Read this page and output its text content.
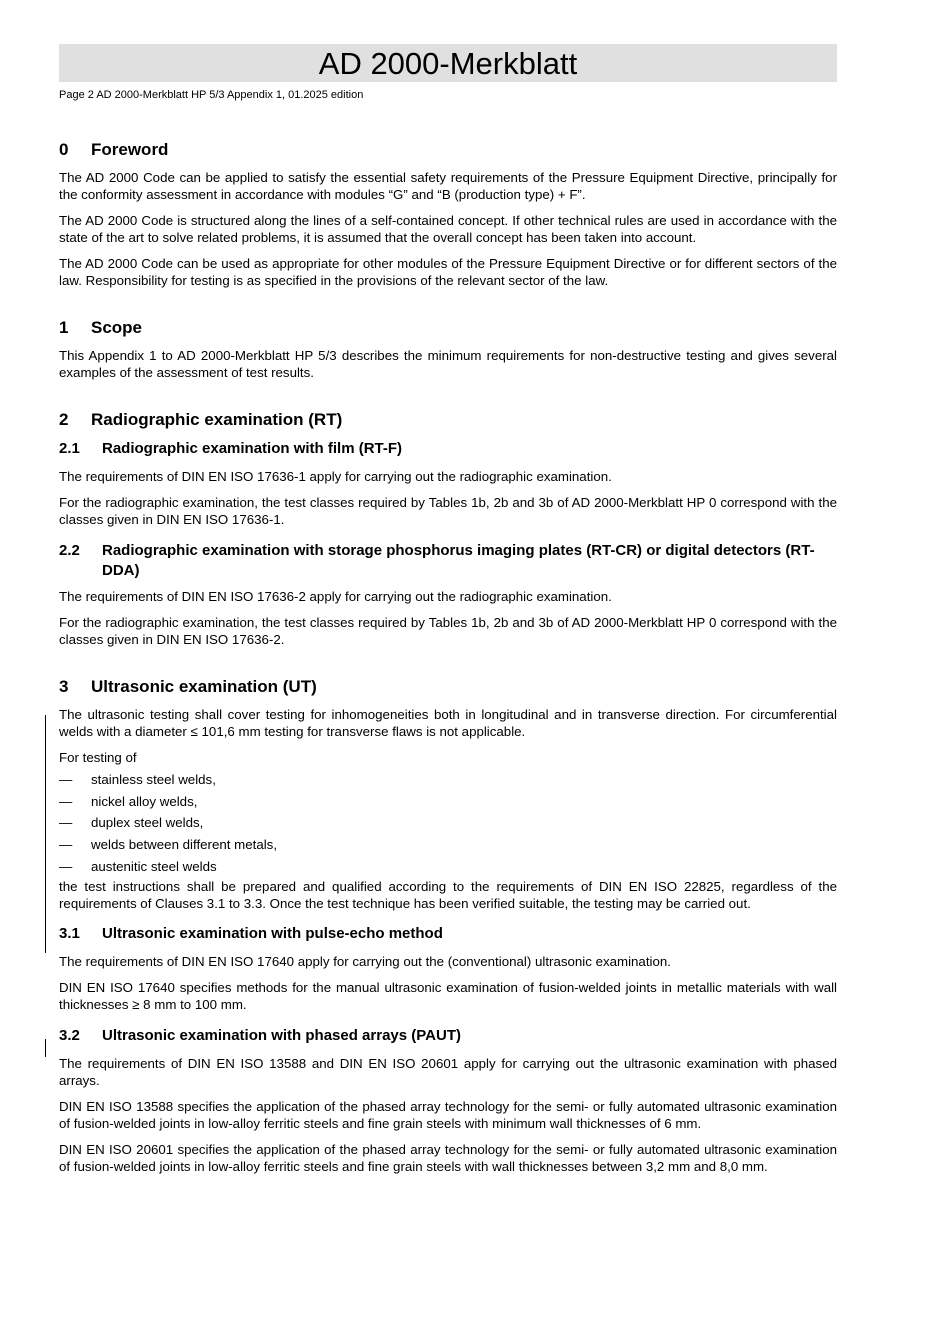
AD 2000-Merkblatt
Page 2 AD 2000-Merkblatt HP 5/3 Appendix 1, 01.2025 edition
0	Foreword

The AD 2000 Code can be applied to satisfy the essential safety requirements of the Pressure Equipment Directive, principally for the conformity assessment in accordance with modules “G” and “B (production type) + F”.

The AD 2000 Code is structured along the lines of a self-contained concept. If other technical rules are used in accordance with the state of the art to solve related problems, it is assumed that the overall concept has been taken into account.

The AD 2000 Code can be used as appropriate for other modules of the Pressure Equipment Directive or for different sectors of the law. Responsibility for testing is as specified in the provisions of the relevant sector of the law.

1	Scope

This Appendix 1 to AD 2000-Merkblatt HP 5/3 describes the minimum requirements for non-destructive testing and gives several examples of the assessment of test results.

2	Radiographic examination (RT)
2.1	Radiographic examination with film (RT-F)

The requirements of DIN EN ISO 17636-1 apply for carrying out the radiographic examination.

For the radiographic examination, the test classes required by Tables 1b, 2b and 3b of AD 2000-Merkblatt HP 0 correspond with the classes given in DIN EN ISO 17636-1.

2.2	Radiographic examination with storage phosphorus imaging plates (RT-CR) or digital detectors (RT-DDA)

The requirements of DIN EN ISO 17636-2 apply for carrying out the radiographic examination.

For the radiographic examination, the test classes required by Tables 1b, 2b and 3b of AD 2000-Merkblatt HP 0 correspond with the classes given in DIN EN ISO 17636-2.

3	Ultrasonic examination (UT)

The ultrasonic testing shall cover testing for inhomogeneities both in longitudinal and in transverse direction. For circumferential welds with a diameter ≤ 101,6 mm testing for transverse flaws is not applicable.

For testing of

—	stainless steel welds,
—	nickel alloy welds,
—	duplex steel welds,
—	welds between different metals,
—	austenitic steel welds

the test instructions shall be prepared and qualified according to the requirements of DIN EN ISO 22825, regardless of the requirements of Clauses 3.1 to 3.3. Once the test technique has been verified suitable, the testing may be carried out.

3.1	Ultrasonic examination with pulse-echo method

The requirements of DIN EN ISO 17640 apply for carrying out the (conventional) ultrasonic examination.

DIN EN ISO 17640 specifies methods for the manual ultrasonic examination of fusion-welded joints in metallic materials with wall thicknesses ≥ 8 mm to 100 mm.

3.2	Ultrasonic examination with phased arrays (PAUT)

The requirements of DIN EN ISO 13588 and DIN EN ISO 20601 apply for carrying out the ultrasonic examination with phased arrays.

DIN EN ISO 13588 specifies the application of the phased array technology for the semi- or fully automated ultrasonic examination of fusion-welded joints in low-alloy ferritic steels and fine grain steels with minimum wall thicknesses of 6 mm.

DIN EN ISO 20601 specifies the application of the phased array technology for the semi- or fully automated ultrasonic examination of fusion-welded joints in low-alloy ferritic steels and fine grain steels with wall thicknesses between 3,2 mm and 8,0 mm.
